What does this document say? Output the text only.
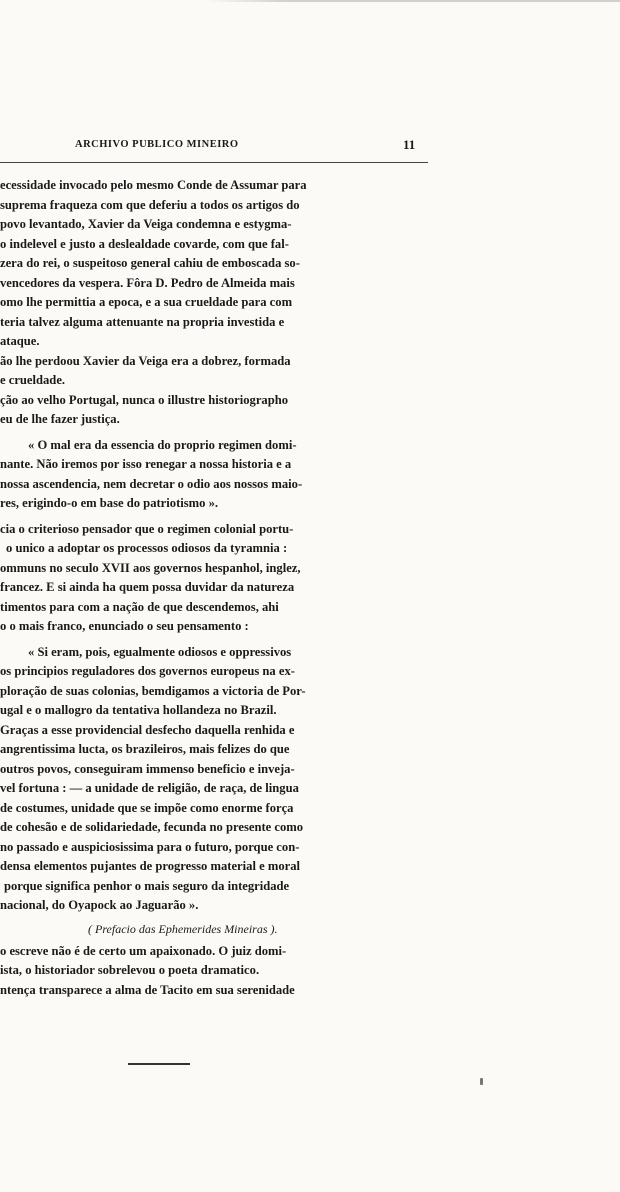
ARCHIVO PUBLICO MINEIRO	11
ecessidade invocado pelo mesmo Conde de Assumar para
suprema fraqueza com que deferiu a todos os artigos do
povo levantado, Xavier da Veiga condemna e estygma-
o indelevel e justo a deslealdade covarde, com que fal-
zera do rei, o suspeitoso general cahiu de emboscada so-
vencedores da vespera. Fôra D. Pedro de Almeida mais
omo lhe permittia a epoca, e a sua crueldade para com
teria talvez alguma attenuante na propria investida e
ataque.
ão lhe perdoou Xavier da Veiga era a dobrez, formada
e crueldade.
ção ao velho Portugal, nunca o illustre historiographo
eu de lhe fazer justiça.
« O mal era da essencia do proprio regimen domi-
nante. Não iremos por isso renegar a nossa historia e a
nossa ascendencia, nem decretar o odio aos nossos maio-
res, erigindo-o em base do patriotismo ».
cia o criterioso pensador que o regimen colonial portu-
o unico a adoptar os processos odiosos da tyramnia :
ommuns no seculo XVII aos governos hespanhol, inglez,
francez. E si ainda ha quem possa duvidar da natureza
timentos para com a nação de que descendemos, ahi
o o mais franco, enunciado o seu pensamento :
« Si eram, pois, egualmente odiosos e oppressivos
os principios reguladores dos governos europeus na ex-
ploração de suas colonias, bemdigamos a victoria de Por-
ugal e o mallogro da tentativa hollandeza no Brazil.
Graças a esse providencial desfecho daquella renhida e
angrentissima lucta, os brazileiros, mais felizes do que
outros povos, conseguiram immenso beneficio e inveja-
vel fortuna : — a unidade de religião, de raça, de lingua
de costumes, unidade que se impõe como enorme força
de cohesão e de solidariedade, fecunda no presente como
no passado e auspiciosissima para o futuro, porque con-
densa elementos pujantes de progresso material e moral
porque significa penhor o mais seguro da integridade
nacional, do Oyapock ao Jaguarão ».
( Prefacio das Ephemerides Mineiras ).
o escreve não é de certo um apaixonado. O juiz domi-
ista, o historiador sobrelevou o poeta dramatico.
ntença transparece a alma de Tacito em sua serenidade
